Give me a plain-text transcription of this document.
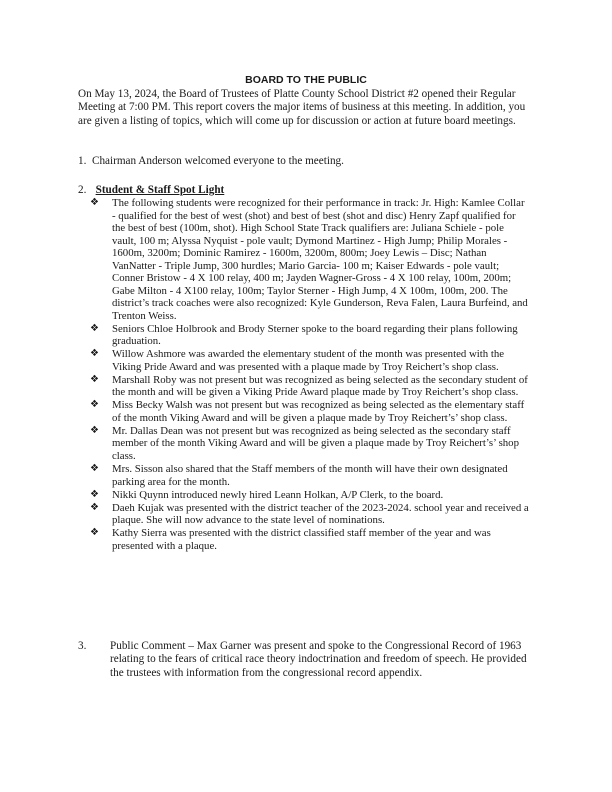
BOARD TO THE PUBLIC
On May 13, 2024, the Board of Trustees of Platte County School District #2 opened their Regular Meeting at 7:00 PM. This report covers the major items of business at this meeting. In addition, you are given a listing of topics, which will come up for discussion or action at future board meetings.
1. Chairman Anderson welcomed everyone to the meeting.
2. Student & Staff Spot Light
❖ The following students were recognized for their performance in track: Jr. High: Kamlee Collar - qualified for the best of west (shot) and best of best (shot and disc) Henry Zapf qualified for the best of best (100m, shot). High School State Track qualifiers are: Juliana Schiele - pole vault, 100 m; Alyssa Nyquist - pole vault; Dymond Martinez - High Jump; Philip Morales - 1600m, 3200m; Dominic Ramirez - 1600m, 3200m, 800m; Joey Lewis – Disc; Nathan VanNatter - Triple Jump, 300 hurdles; Mario Garcia- 100 m; Kaiser Edwards - pole vault; Conner Bristow - 4 X 100 relay, 400 m; Jayden Wagner-Gross - 4 X 100 relay, 100m, 200m; Gabe Milton - 4 X100 relay, 100m; Taylor Sterner - High Jump, 4 X 100m, 100m, 200. The district’s track coaches were also recognized: Kyle Gunderson, Reva Falen, Laura Burfeind, and Trenton Weiss.
❖ Seniors Chloe Holbrook and Brody Sterner spoke to the board regarding their plans following graduation.
❖ Willow Ashmore was awarded the elementary student of the month was presented with the Viking Pride Award and was presented with a plaque made by Troy Reichert’s shop class.
❖ Marshall Roby was not present but was recognized as being selected as the secondary student of the month and will be given a Viking Pride Award plaque made by Troy Reichert’s shop class.
❖ Miss Becky Walsh was not present but was recognized as being selected as the elementary staff of the month Viking Award and will be given a plaque made by Troy Reichert’s’ shop class.
❖ Mr. Dallas Dean was not present but was recognized as being selected as the secondary staff member of the month Viking Award and will be given a plaque made by Troy Reichert’s’ shop class.
❖ Mrs. Sisson also shared that the Staff members of the month will have their own designated parking area for the month.
❖ Nikki Quynn introduced newly hired Leann Holkan, A/P Clerk, to the board.
❖ Daeh Kujak was presented with the district teacher of the 2023-2024. school year and received a plaque. She will now advance to the state level of nominations.
❖ Kathy Sierra was presented with the district classified staff member of the year and was presented with a plaque.
3. Public Comment – Max Garner was present and spoke to the Congressional Record of 1963 relating to the fears of critical race theory indoctrination and freedom of speech. He provided the trustees with information from the congressional record appendix.
